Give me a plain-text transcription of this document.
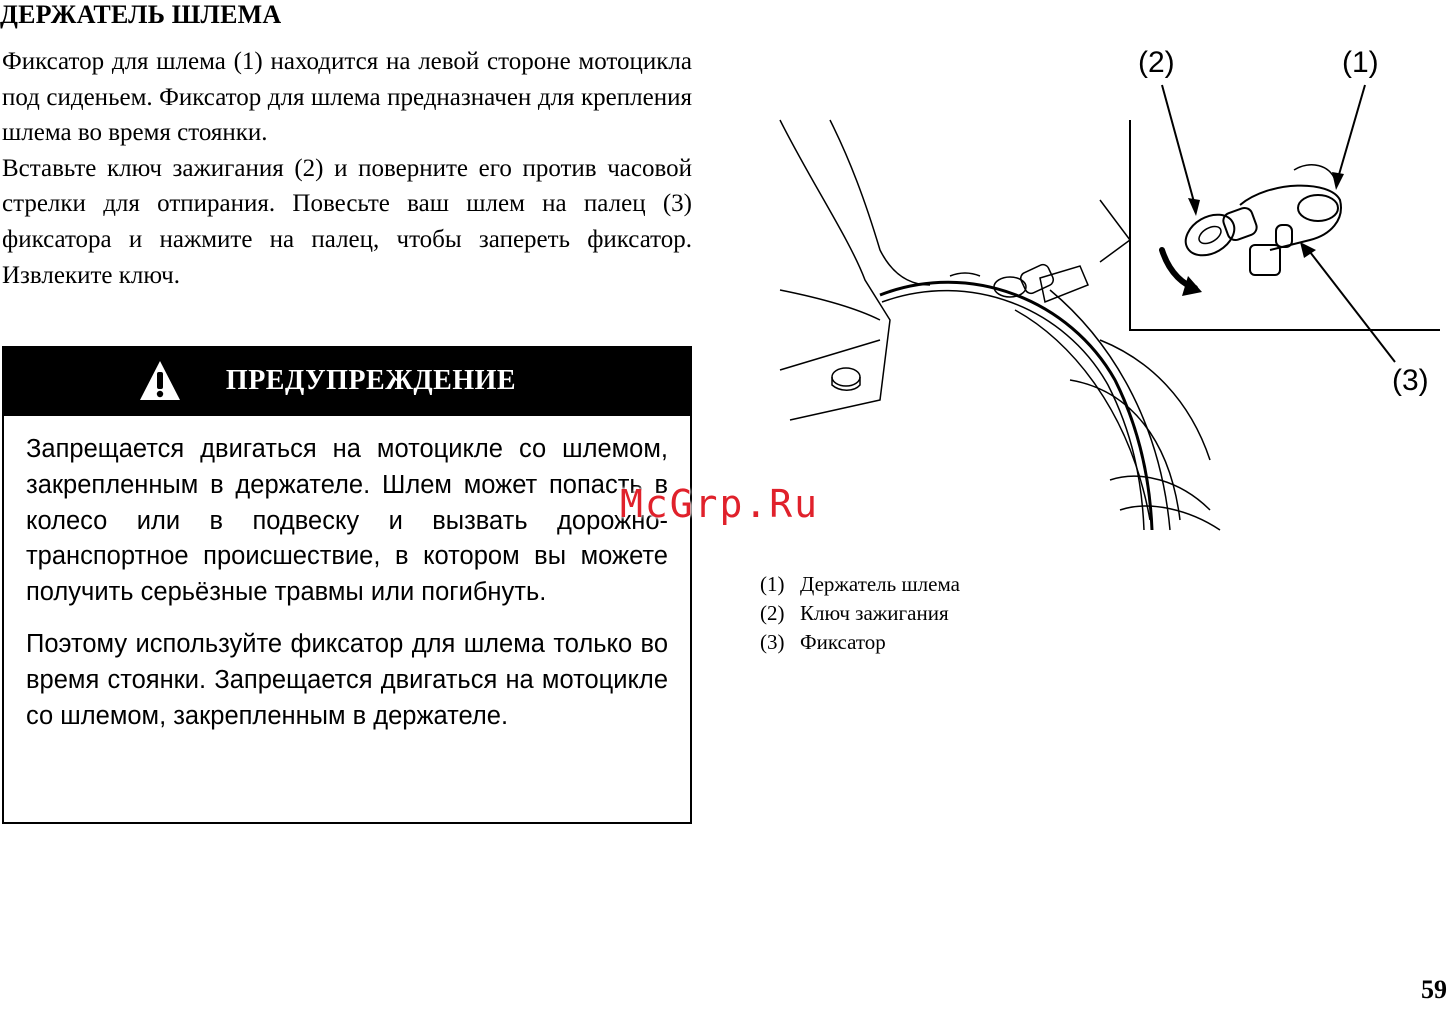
ДЕРЖАТЕЛЬ ШЛЕМА

Фиксатор для шлема (1) находится на левой стороне мотоцикла под сиденьем. Фиксатор для шлема предназначен для крепления шлема во время стоянки.

Вставьте ключ зажигания (2) и поверните его против часовой стрелки для отпирания. Повесьте ваш шлем на палец (3) фиксатора и нажмите на палец, чтобы запереть фиксатор. Извлеките ключ.

ПРЕДУПРЕЖДЕНИЕ

Запрещается двигаться на мотоцикле со шлемом, закрепленным в держателе. Шлем может попасть в колесо или в подвеску и вызвать дорожно-транспортное происшествие, в котором вы можете получить серьёзные травмы или погибнуть.

Поэтому используйте фиксатор для шлема только во время стоянки. Запрещается двигаться на мотоцикле со шлемом, закрепленным в держателе.

(2)	(1)
(3)
(1) Держатель шлема
(2) Ключ зажигания
(3) Фиксатор
McGrp.Ru
59
